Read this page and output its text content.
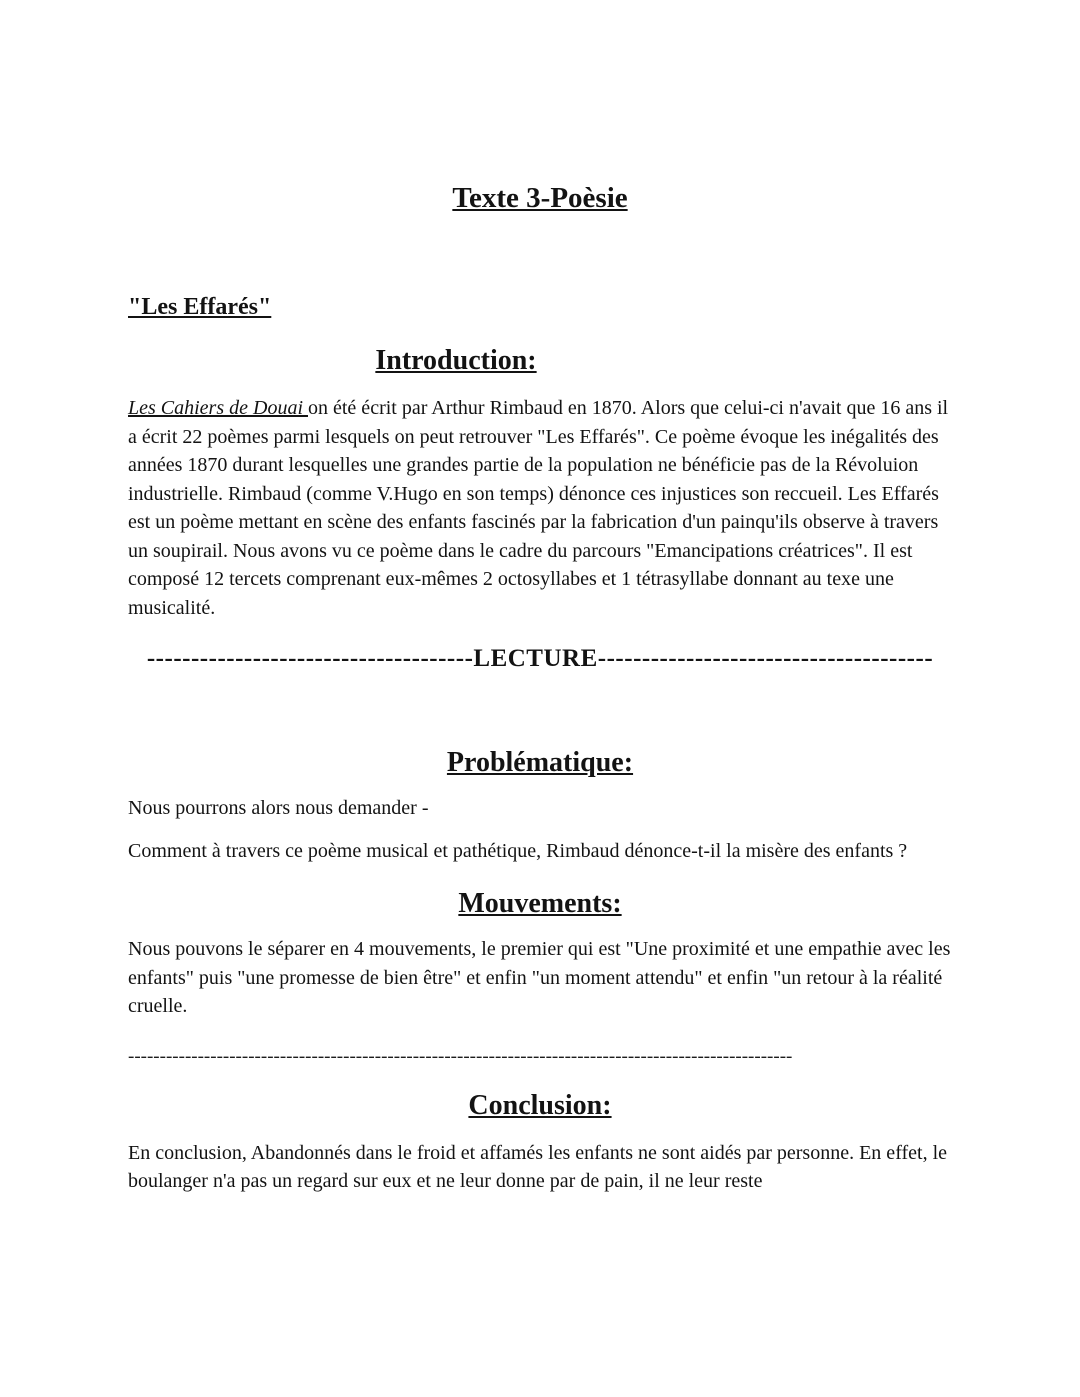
Texte 3-Poèsie
"Les Effarés"
Introduction:

Les Cahiers de Douai on été écrit par Arthur Rimbaud en 1870. Alors que celui-ci n'avait que 16 ans il a écrit 22 poèmes parmi lesquels on peut retrouver "Les Effarés". Ce poème évoque les inégalités des années 1870 durant lesquelles une grandes partie de la population ne bénéficie pas de la Révoluion industrielle. Rimbaud (comme V.Hugo en son temps) dénonce ces injustices son reccueil. Les Effarés est un poème mettant en scène des enfants fascinés par la fabrication d'un painqu'ils observe à travers un soupirail. Nous avons vu ce poème dans le cadre du parcours "Emancipations créatrices". Il est composé 12 tercets comprenant eux-mêmes 2 octosyllabes et 1 tétrasyllabe donnant au texe une musicalité.

-------------------------------------LECTURE--------------------------------------
Problématique:

Nous pourrons alors nous demander -

Comment à travers ce poème musical et pathétique, Rimbaud dénonce-t-il la misère des enfants ?

Mouvements:

Nous pouvons le séparer en 4 mouvements, le premier qui est "Une proximité et une empathie avec les enfants" puis "une promesse de bien être" et enfin "un moment attendu" et enfin "un retour à la réalité cruelle.

---------------------------------------------------------------------------------------------------------
Conclusion:

En conclusion, Abandonnés dans le froid et affamés les enfants ne sont aidés par personne. En effet, le boulanger n'a pas un regard sur eux et ne leur donne par de pain, il ne leur reste
